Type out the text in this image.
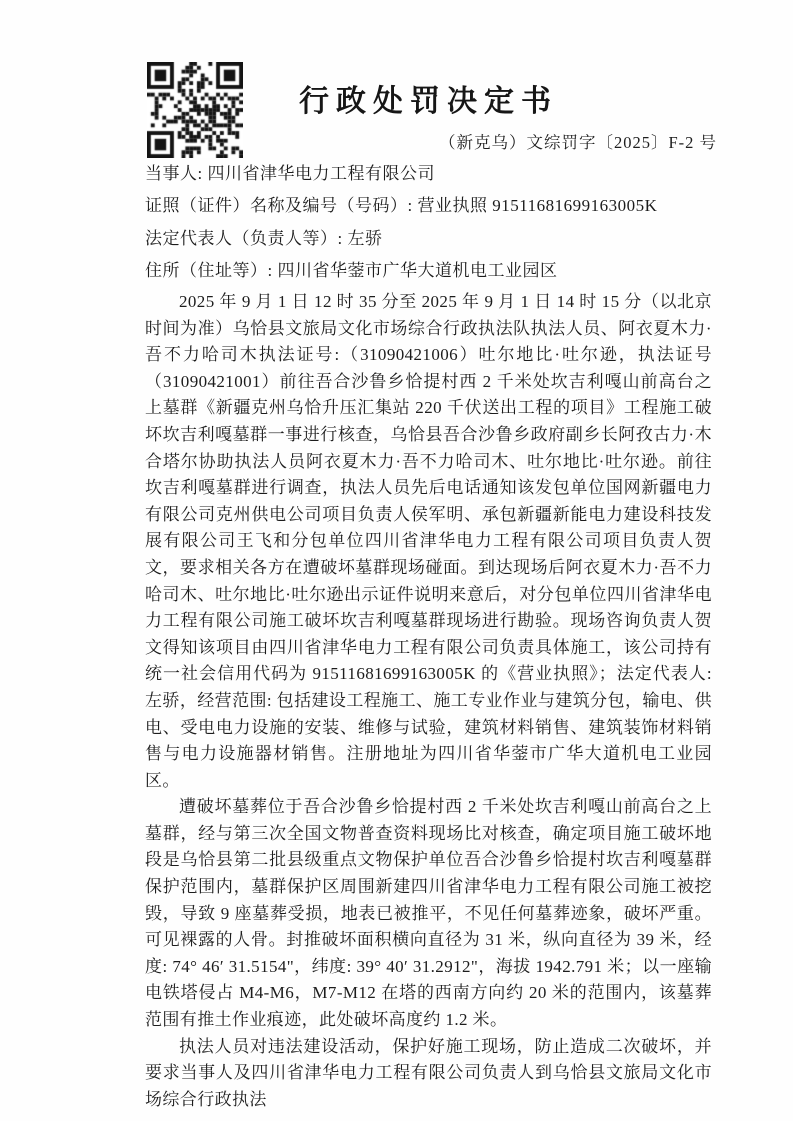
行政处罚决定书
（新克乌）文综罚字〔2025〕F-2 号
当事人: 四川省津华电力工程有限公司
证照（证件）名称及编号（号码）: 营业执照 91511681699163005K
法定代表人（负责人等）: 左骄
住所（住址等）: 四川省华蓥市广华大道机电工业园区

2025 年 9 月 1 日 12 时 35 分至 2025 年 9 月 1 日 14 时 15 分（以北京时间为准）乌恰县文旅局文化市场综合行政执法队执法人员、阿衣夏木力·吾不力哈司木执法证号:（31090421006）吐尔地比·吐尔逊，执法证号（31090421001）前往吾合沙鲁乡恰提村西 2 千米处坎吉利嘎山前高台之上墓群《新疆克州乌恰升压汇集站 220 千伏送出工程的项目》工程施工破坏坎吉利嘎墓群一事进行核查，乌恰县吾合沙鲁乡政府副乡长阿孜古力·木合塔尔协助执法人员阿衣夏木力·吾不力哈司木、吐尔地比·吐尔逊。前往坎吉利嘎墓群进行调查，执法人员先后电话通知该发包单位国网新疆电力有限公司克州供电公司项目负责人侯军明、承包新疆新能电力建设科技发展有限公司王飞和分包单位四川省津华电力工程有限公司项目负责人贺文，要求相关各方在遭破坏墓群现场碰面。到达现场后阿衣夏木力·吾不力哈司木、吐尔地比·吐尔逊出示证件说明来意后，对分包单位四川省津华电力工程有限公司施工破坏坎吉利嘎墓群现场进行勘验。现场咨询负责人贺文得知该项目由四川省津华电力工程有限公司负责具体施工，该公司持有统一社会信用代码为 91511681699163005K 的《营业执照》；法定代表人: 左骄，经营范围: 包括建设工程施工、施工专业作业与建筑分包，输电、供电、受电电力设施的安装、维修与试验，建筑材料销售、建筑装饰材料销售与电力设施器材销售。注册地址为四川省华蓥市广华大道机电工业园区。

遭破坏墓葬位于吾合沙鲁乡恰提村西 2 千米处坎吉利嘎山前高台之上墓群，经与第三次全国文物普查资料现场比对核查，确定项目施工破坏地段是乌恰县第二批县级重点文物保护单位吾合沙鲁乡恰提村坎吉利嘎墓群保护范围内，墓群保护区周围新建四川省津华电力工程有限公司施工被挖毁，导致 9 座墓葬受损，地表已被推平，不见任何墓葬迹象，破坏严重。可见裸露的人骨。封推破坏面积横向直径为 31 米，纵向直径为 39 米，经度: 74° 46′ 31.5154"，纬度: 39° 40′ 31.2912"，海拔 1942.791 米；以一座输电铁塔侵占 M4-M6，M7-M12 在塔的西南方向约 20 米的范围内，该墓葬范围有推土作业痕迹，此处破坏高度约 1.2 米。

执法人员对违法建设活动，保护好施工现场，防止造成二次破坏，并要求当事人及四川省津华电力工程有限公司负责人到乌恰县文旅局文化市场综合行政执法
